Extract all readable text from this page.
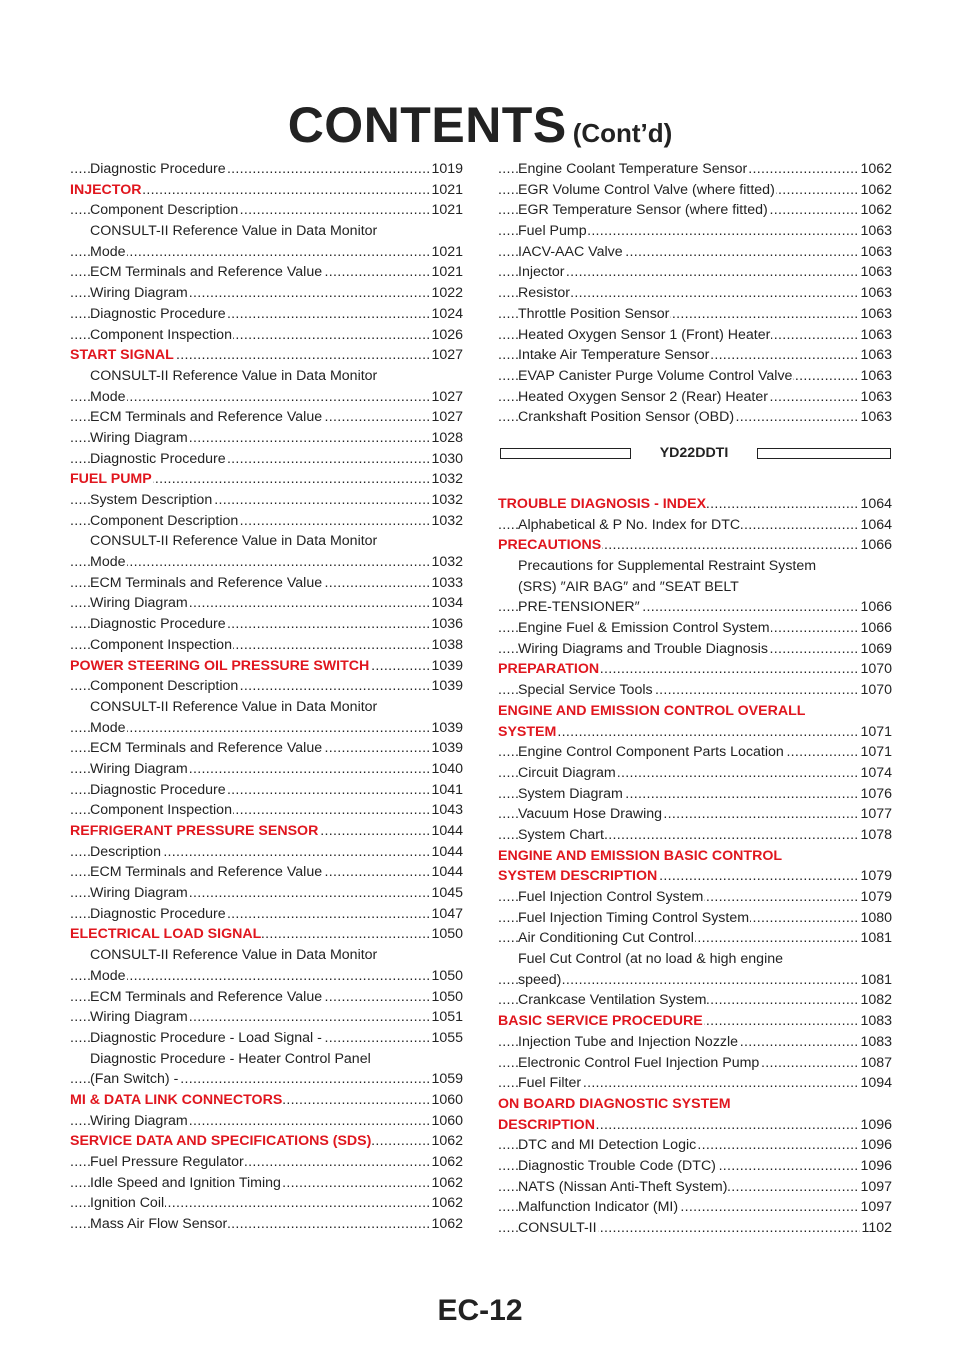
CONTENTS (Cont’d)
Diagnostic Procedure	1019
.....
INJECTOR	1021
.....
Component Description	1021
.....
CONSULT-II Reference Value in Data Monitor
Mode	1021
.....
ECM Terminals and Reference Value	1021
.....
Wiring Diagram	1022
.....
Diagnostic Procedure	1024
.....
Component Inspection	1026
.....
START SIGNAL	1027
.....
CONSULT-II Reference Value in Data Monitor
Mode	1027
.....
ECM Terminals and Reference Value	1027
.....
Wiring Diagram	1028
.....
Diagnostic Procedure	1030
.....
FUEL PUMP	1032
.....
System Description	1032
.....
Component Description	1032
.....
CONSULT-II Reference Value in Data Monitor
Mode	1032
.....
ECM Terminals and Reference Value	1033
.....
Wiring Diagram	1034
.....
Diagnostic Procedure	1036
.....
Component Inspection	1038
.....
POWER STEERING OIL PRESSURE SWITCH	1039
.....
Component Description	1039
.....
CONSULT-II Reference Value in Data Monitor
Mode	1039
.....
ECM Terminals and Reference Value	1039
.....
Wiring Diagram	1040
.....
Diagnostic Procedure	1041
.....
Component Inspection	1043
.....
REFRIGERANT PRESSURE SENSOR	1044
.....
Description	1044
.....
ECM Terminals and Reference Value	1044
.....
Wiring Diagram	1045
.....
Diagnostic Procedure	1047
.....
ELECTRICAL LOAD SIGNAL	1050
.....
CONSULT-II Reference Value in Data Monitor
Mode	1050
.....
ECM Terminals and Reference Value	1050
.....
Wiring Diagram	1051
.....
Diagnostic Procedure - Load Signal -	1055
.....
Diagnostic Procedure - Heater Control Panel
(Fan Switch) -	1059
.....
MI & DATA LINK CONNECTORS	1060
.....
Wiring Diagram	1060
.....
SERVICE DATA AND SPECIFICATIONS (SDS)	1062
.....
Fuel Pressure Regulator	1062
.....
Idle Speed and Ignition Timing	1062
.....
Ignition Coil	1062
.....
Mass Air Flow Sensor	1062
.....
Engine Coolant Temperature Sensor	1062
.....
EGR Volume Control Valve (where fitted)	1062
.....
EGR Temperature Sensor (where fitted)	1062
.....
Fuel Pump	1063
.....
IACV-AAC Valve	1063
.....
Injector	1063
.....
Resistor	1063
.....
Throttle Position Sensor	1063
.....
Heated Oxygen Sensor 1 (Front) Heater	1063
.....
Intake Air Temperature Sensor	1063
.....
EVAP Canister Purge Volume Control Valve	1063
.....
Heated Oxygen Sensor 2 (Rear) Heater	1063
.....
Crankshaft Position Sensor (OBD)	1063
.....
YD22DDTI
TROUBLE DIAGNOSIS - INDEX	1064
.....
Alphabetical & P No. Index for DTC	1064
.....
PRECAUTIONS	1066
.....
Precautions for Supplemental Restraint System
(SRS) ″AIR BAG″ and ″SEAT BELT
PRE-TENSIONER″	1066
.....
Engine Fuel & Emission Control System	1066
.....
Wiring Diagrams and Trouble Diagnosis	1069
.....
PREPARATION	1070
.....
Special Service Tools	1070
.....
ENGINE AND EMISSION CONTROL OVERALL
SYSTEM	1071
.....
Engine Control Component Parts Location	1071
.....
Circuit Diagram	1074
.....
System Diagram	1076
.....
Vacuum Hose Drawing	1077
.....
System Chart	1078
.....
ENGINE AND EMISSION BASIC CONTROL
SYSTEM DESCRIPTION	1079
.....
Fuel Injection Control System	1079
.....
Fuel Injection Timing Control System	1080
.....
Air Conditioning Cut Control	1081
.....
Fuel Cut Control (at no load & high engine
speed)	1081
.....
Crankcase Ventilation System	1082
.....
BASIC SERVICE PROCEDURE	1083
.....
Injection Tube and Injection Nozzle	1083
.....
Electronic Control Fuel Injection Pump	1087
.....
Fuel Filter	1094
.....
ON BOARD DIAGNOSTIC SYSTEM
DESCRIPTION	1096
.....
DTC and MI Detection Logic	1096
.....
Diagnostic Trouble Code (DTC)	1096
.....
NATS (Nissan Anti-Theft System)	1097
.....
Malfunction Indicator (MI)	1097
.....
CONSULT-II	1102
.....
EC-12
